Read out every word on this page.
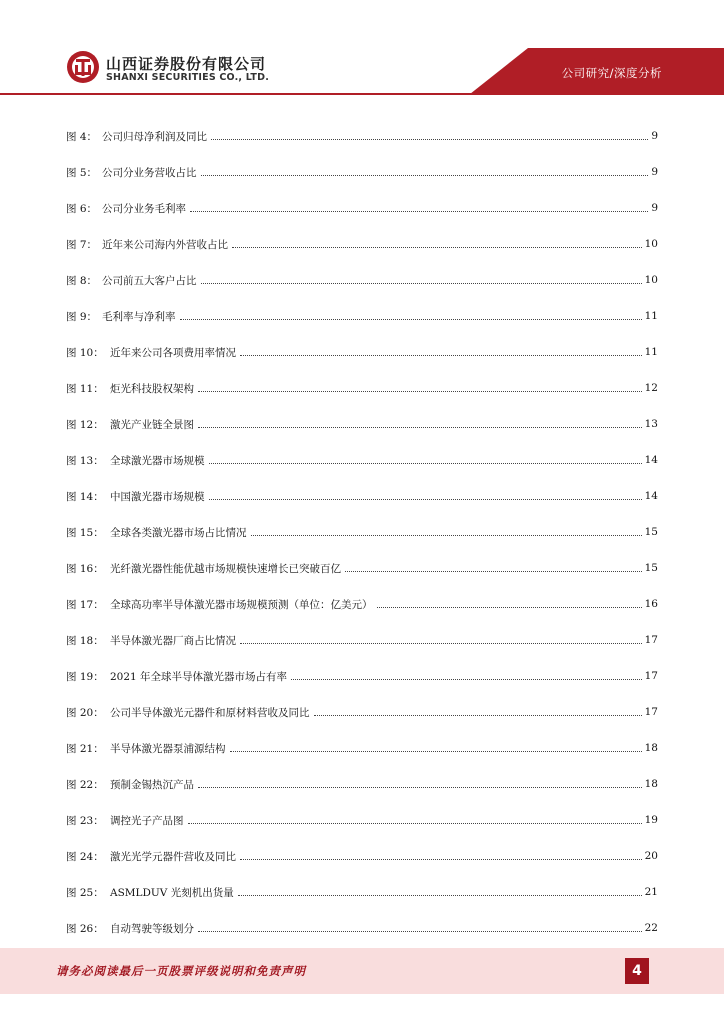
山西证券股份有限公司
SHANXI SECURITIES CO., LTD.	公司研究/深度分析
图 4： 公司归母净利润及同比	9
图 5： 公司分业务营收占比	9
图 6： 公司分业务毛利率	9
图 7： 近年来公司海内外营收占比	10
图 8： 公司前五大客户占比	10
图 9： 毛利率与净利率	11
图 10： 近年来公司各项费用率情况	11
图 11： 炬光科技股权架构	12
图 12： 激光产业链全景图	13
图 13： 全球激光器市场规模	14
图 14： 中国激光器市场规模	14
图 15： 全球各类激光器市场占比情况	15
图 16： 光纤激光器性能优越市场规模快速增长已突破百亿	15
图 17： 全球高功率半导体激光器市场规模预测（单位：亿美元）	16
图 18： 半导体激光器厂商占比情况	17
图 19： 2021 年全球半导体激光器市场占有率	17
图 20： 公司半导体激光元器件和原材料营收及同比	17
图 21： 半导体激光器泵浦源结构	18
图 22： 预制金锡热沉产品	18
图 23： 调控光子产品图	19
图 24： 激光光学元器件营收及同比	20
图 25： ASMLDUV 光刻机出货量	21
图 26： 自动驾驶等级划分	22
请务必阅读最后一页股票评级说明和免责声明	4
